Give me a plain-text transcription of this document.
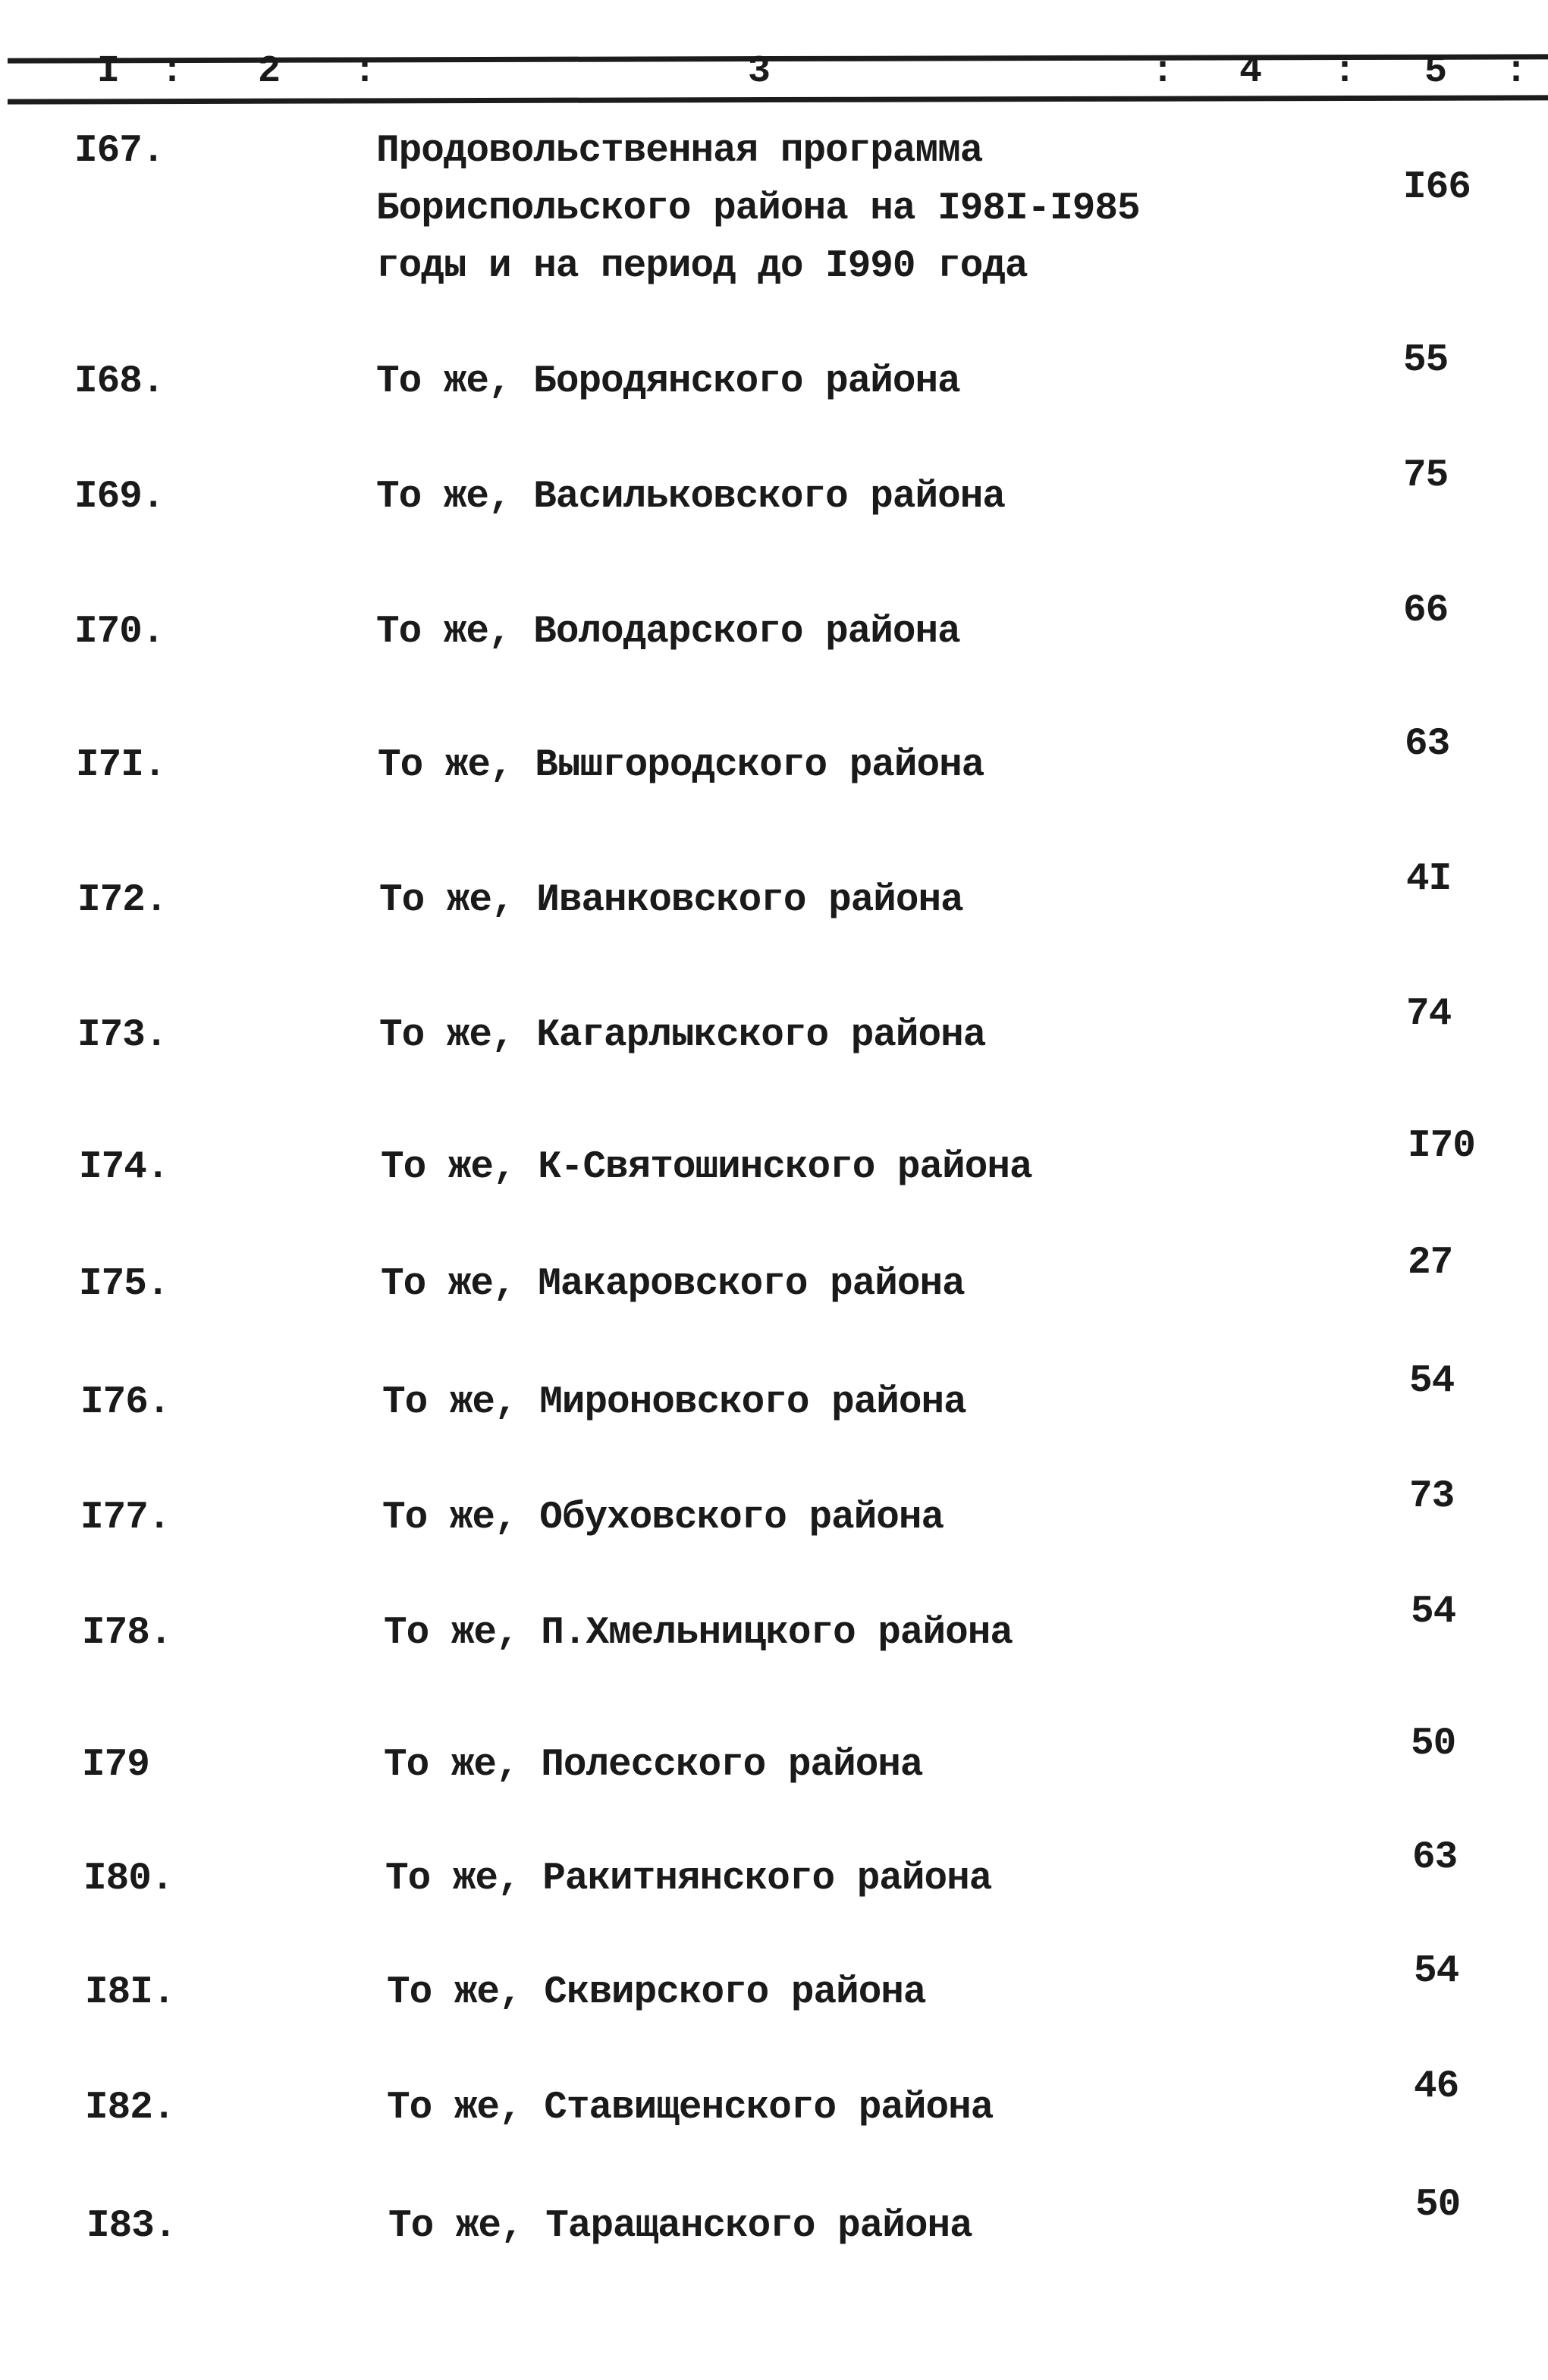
I : 2 :	3	: 4 : 5 :
I67.	Продовольственная программа
Бориспольского района на I98I-I985
годы и на период до I990 года
I66
I68.	То же, Бородянского района	55
I69.	То же, Васильковского района	75
I70.	То же, Володарского района	66
I7I.	То же, Вышгородского района	63
I72.	То же, Иванковского района	4I
I73.	То же, Кагарлыкского района	74
I74.	То же, К-Святошинского района	I70
I75.	То же, Макаровского района	27
I76.	То же, Мироновского района	54
I77.	То же, Обуховского района	73
I78.	То же, П.Хмельницкого района	54
I79	То же, Полесского района	50
I80.	То же, Ракитнянского района	63
I8I.	То же, Сквирского района	54
I82.	То же, Ставищенского района	46
I83.	То же, Таращанского района	50
